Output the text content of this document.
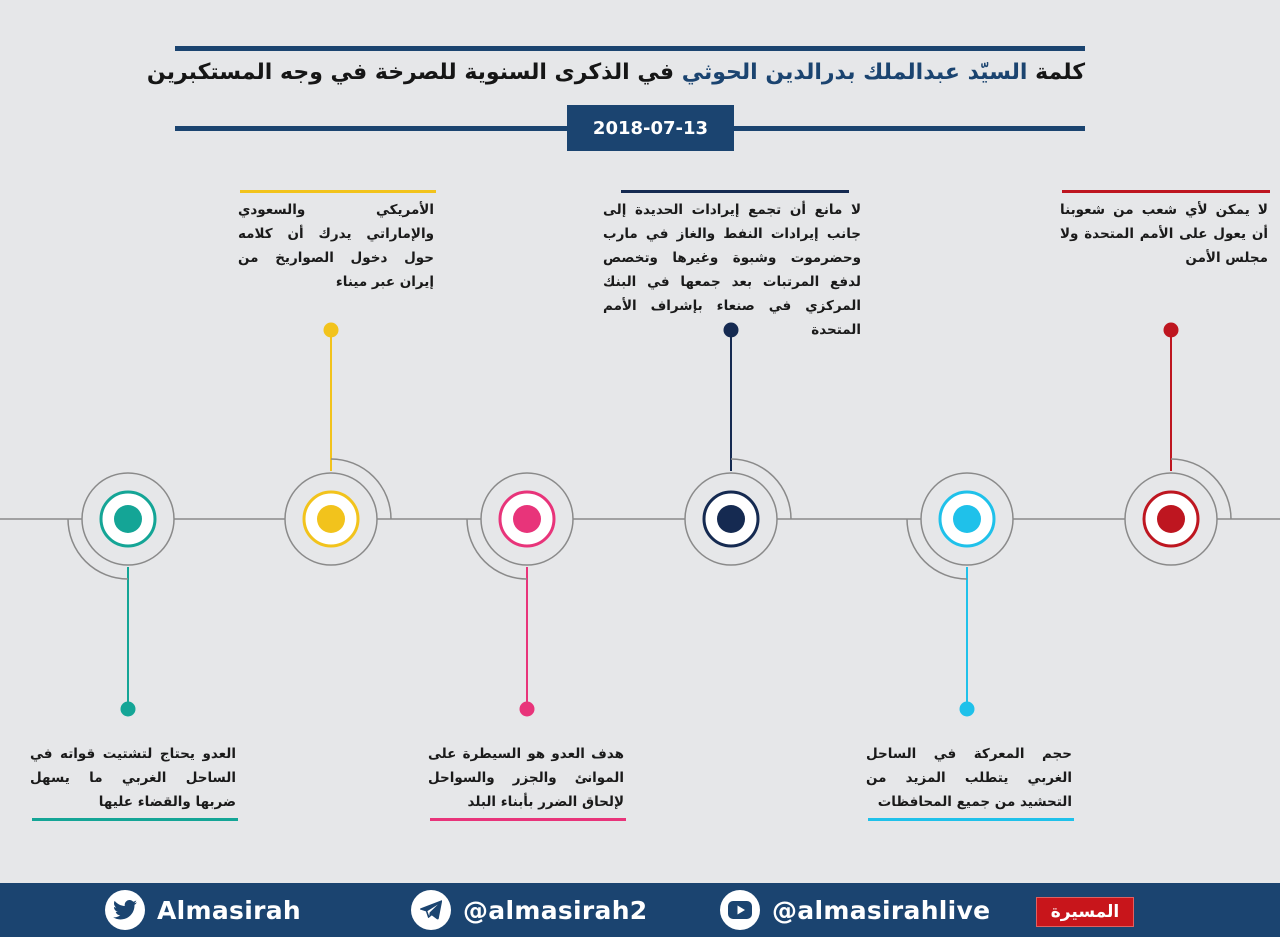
كلمة السيّد عبدالملك بدرالدين الحوثي في الذكرى السنوية للصرخة في وجه المستكبرين
2018-07-13
العدو يحتاج لتشتيت قواته في الساحل الغربي ما يسهل ضربها والقضاء عليها
الأمريكي والسعودي والإماراتي يدرك أن كلامه حول دخول الصواريخ من إيران عبر ميناء
هدف العدو هو السيطرة على الموانئ والجزر والسواحل لإلحاق الضرر بأبناء البلد
لا مانع أن تجمع إيرادات الحديدة إلى جانب إيرادات النفط والغاز في مارب وحضرموت وشبوة وغيرها وتخصص لدفع المرتبات بعد جمعها في البنك المركزي في صنعاء بإشراف الأمم المتحدة
حجم المعركة في الساحل الغربي يتطلب المزيد من التحشيد من جميع المحافظات
لا يمكن لأي شعب من شعوبنا أن يعول على الأمم المتحدة ولا مجلس الأمن
Almasirah	@almasirah2	@almasirahlive	المسيرة
